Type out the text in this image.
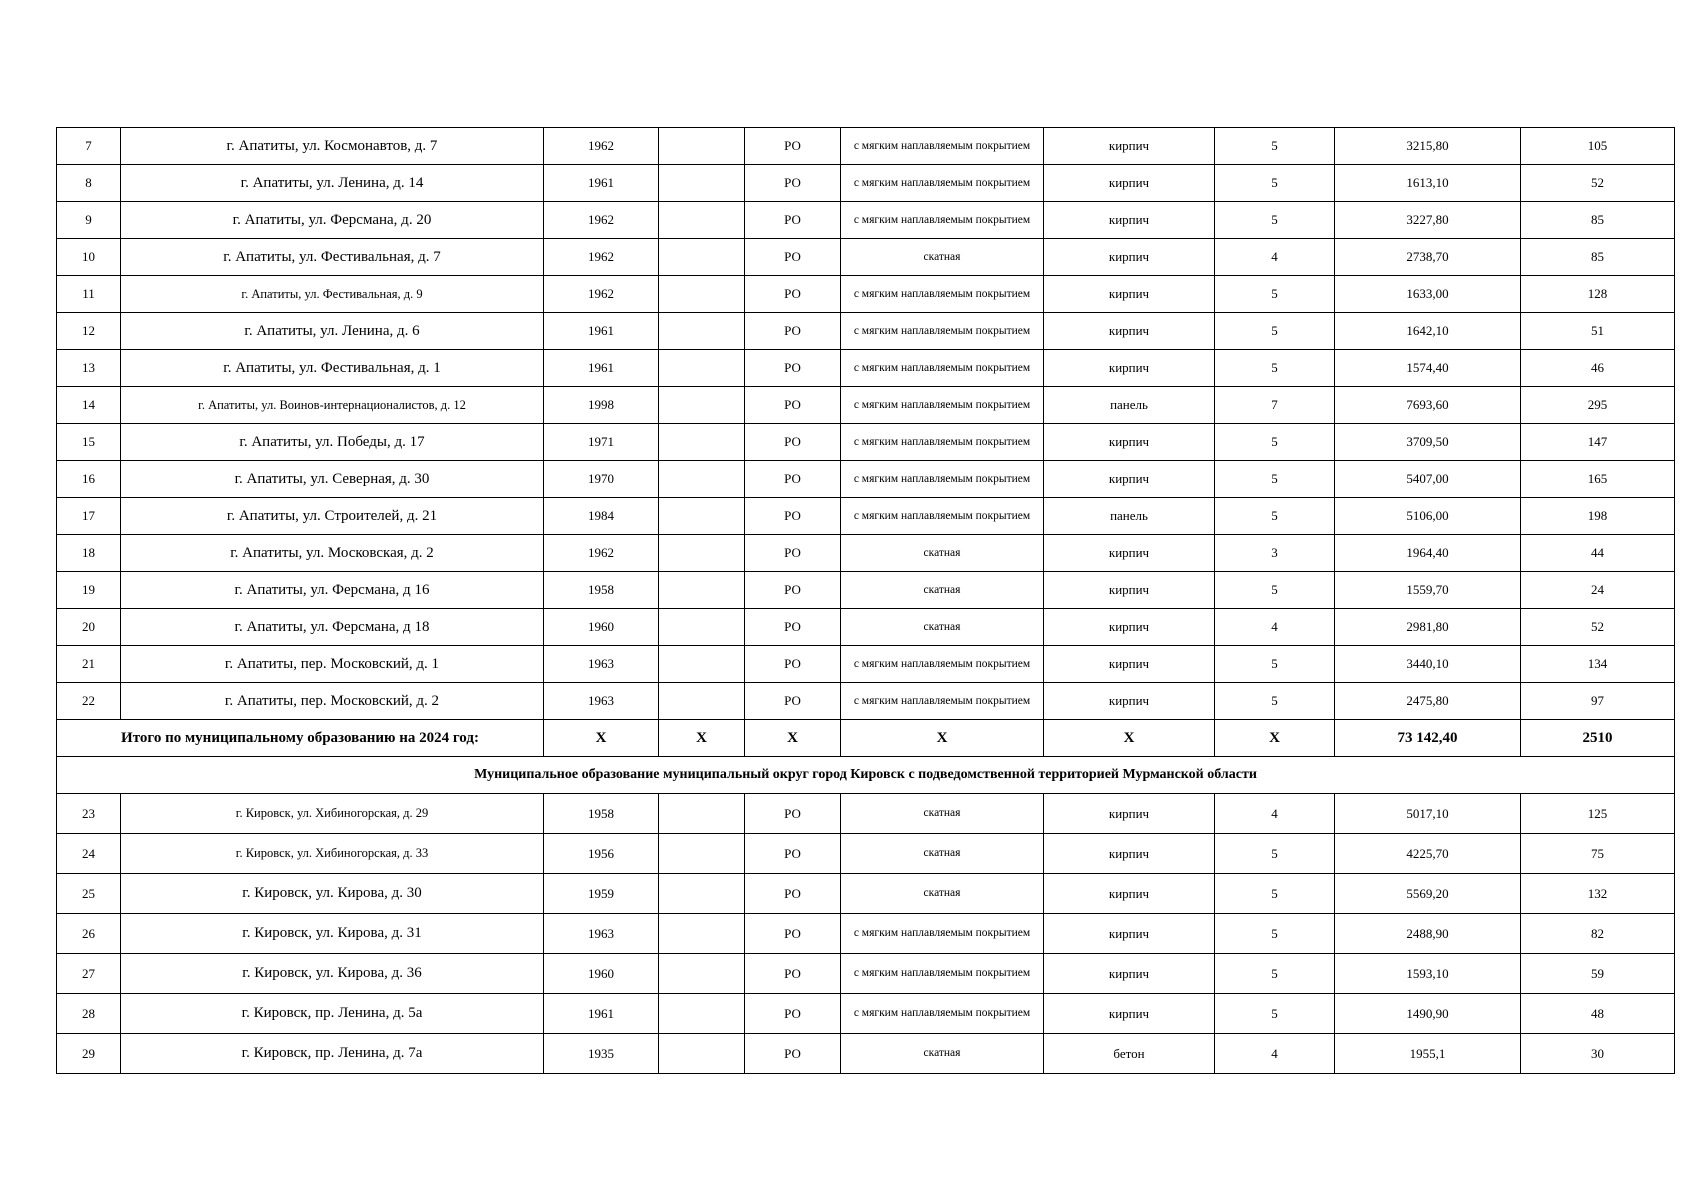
7	г. Апатиты, ул. Космонавтов, д. 7	1962		РО	с мягким наплавляемым покрытием	кирпич	5	3215,80	105
8	г. Апатиты, ул. Ленина, д. 14	1961		РО	с мягким наплавляемым покрытием	кирпич	5	1613,10	52
9	г. Апатиты, ул. Ферсмана, д. 20	1962		РО	с мягким наплавляемым покрытием	кирпич	5	3227,80	85
10	г. Апатиты, ул. Фестивальная, д. 7	1962		РО	скатная	кирпич	4	2738,70	85
11	г. Апатиты, ул. Фестивальная, д. 9	1962		РО	с мягким наплавляемым покрытием	кирпич	5	1633,00	128
12	г. Апатиты, ул. Ленина, д. 6	1961		РО	с мягким наплавляемым покрытием	кирпич	5	1642,10	51
13	г. Апатиты, ул. Фестивальная, д. 1	1961		РО	с мягким наплавляемым покрытием	кирпич	5	1574,40	46
14	г. Апатиты, ул. Воинов-интернационалистов, д. 12	1998		РО	с мягким наплавляемым покрытием	панель	7	7693,60	295
15	г. Апатиты, ул. Победы, д. 17	1971		РО	с мягким наплавляемым покрытием	кирпич	5	3709,50	147
16	г. Апатиты, ул. Северная, д. 30	1970		РО	с мягким наплавляемым покрытием	кирпич	5	5407,00	165
17	г. Апатиты, ул. Строителей, д. 21	1984		РО	с мягким наплавляемым покрытием	панель	5	5106,00	198
18	г. Апатиты, ул. Московская, д. 2	1962		РО	скатная	кирпич	3	1964,40	44
19	г. Апатиты, ул. Ферсмана, д 16	1958		РО	скатная	кирпич	5	1559,70	24
20	г. Апатиты, ул. Ферсмана, д 18	1960		РО	скатная	кирпич	4	2981,80	52
21	г. Апатиты, пер. Московский, д. 1	1963		РО	с мягким наплавляемым покрытием	кирпич	5	3440,10	134
22	г. Апатиты, пер. Московский, д. 2	1963		РО	с мягким наплавляемым покрытием	кирпич	5	2475,80	97
Итого по муниципальному образованию на 2024 год:		Х	Х	Х	Х	Х	Х	73 142,40	2510
Муниципальное образование муниципальный округ город Кировск с подведомственной территорией Мурманской области									
23	г. Кировск, ул. Хибиногорская, д. 29	1958		РО	скатная	кирпич	4	5017,10	125
24	г. Кировск, ул. Хибиногорская, д. 33	1956		РО	скатная	кирпич	5	4225,70	75
25	г. Кировск, ул. Кирова, д. 30	1959		РО	скатная	кирпич	5	5569,20	132
26	г. Кировск, ул. Кирова, д. 31	1963		РО	с мягким наплавляемым покрытием	кирпич	5	2488,90	82
27	г. Кировск, ул. Кирова, д. 36	1960		РО	с мягким наплавляемым покрытием	кирпич	5	1593,10	59
28	г. Кировск, пр. Ленина, д. 5а	1961		РО	с мягким наплавляемым покрытием	кирпич	5	1490,90	48
29	г. Кировск, пр. Ленина, д. 7а	1935		РО	скатная	бетон	4	1955,1	30
